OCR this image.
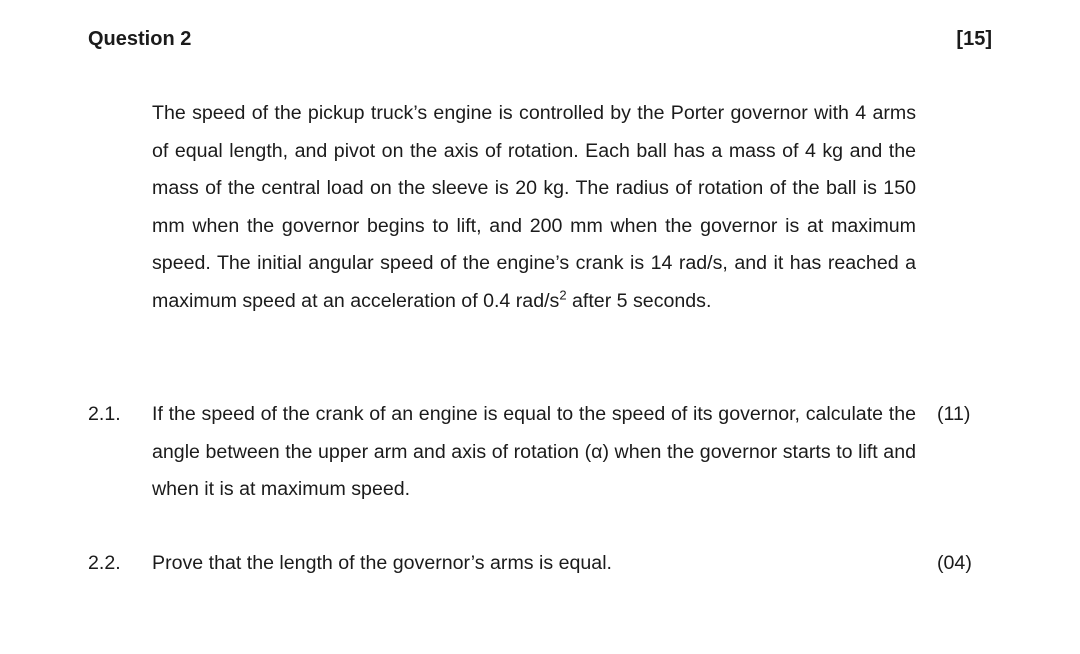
Question 2	[15]
The speed of the pickup truck’s engine is controlled by the Porter governor with 4 arms of equal length, and pivot on the axis of rotation. Each ball has a mass of 4 kg and the mass of the central load on the sleeve is 20 kg. The radius of rotation of the ball is 150 mm when the governor begins to lift, and 200 mm when the governor is at maximum speed. The initial angular speed of the engine’s crank is 14 rad/s, and it has reached a maximum speed at an acceleration of 0.4 rad/$s^2$ after 5 seconds.
2.1. If the speed of the crank of an engine is equal to the speed of its governor, calculate the angle between the upper arm and axis of rotation (α) when the governor starts to lift and when it is at maximum speed.
(11)
2.2. Prove that the length of the governor’s arms is equal.	(04)
